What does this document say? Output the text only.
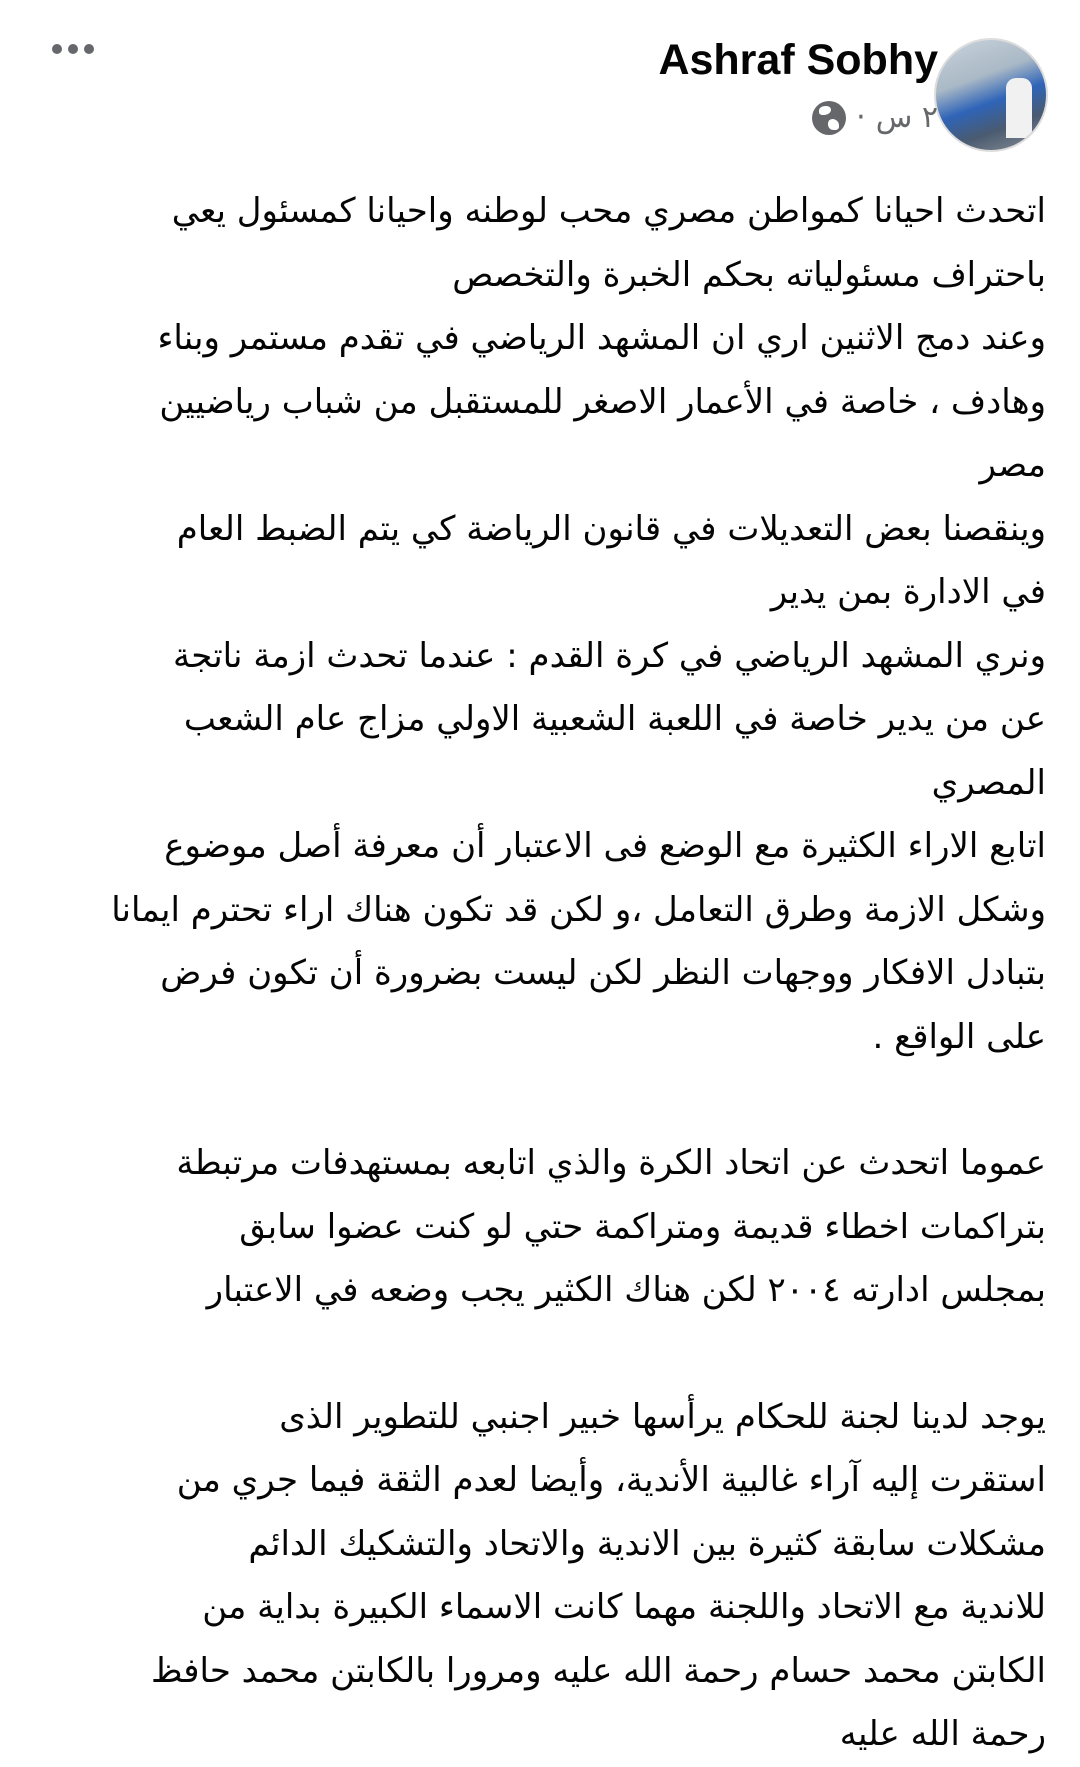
Ashraf Sobhy
٢ س
·

اتحدث احيانا كمواطن مصري محب لوطنه واحيانا كمسئول يعي

باحتراف مسئولياته بحكم الخبرة والتخصص

وعند دمج الاثنين اري ان المشهد الرياضي في تقدم مستمر وبناء

وهادف ، خاصة في الأعمار الاصغر للمستقبل من شباب رياضيين

مصر

وينقصنا بعض التعديلات في قانون الرياضة كي يتم الضبط العام

في الادارة بمن يدير

ونري المشهد الرياضي في كرة القدم : عندما تحدث ازمة ناتجة

عن من يدير خاصة في اللعبة الشعبية الاولي مزاج عام الشعب

المصري

اتابع الاراء الكثيرة مع الوضع فى الاعتبار أن معرفة أصل موضوع

وشكل الازمة وطرق التعامل ،و لكن قد تكون هناك اراء تحترم ايمانا

بتبادل الافكار ووجهات النظر لكن ليست بضرورة أن تكون فرض

على الواقع .

عموما اتحدث عن اتحاد الكرة والذي اتابعه بمستهدفات مرتبطة

بتراكمات اخطاء قديمة ومتراكمة حتي لو كنت عضوا سابق

بمجلس ادارته ٢٠٠٤ لكن هناك الكثير يجب وضعه في الاعتبار

يوجد لدينا لجنة للحكام يرأسها خبير اجنبي للتطوير الذى

استقرت إليه آراء غالبية الأندية، وأيضا لعدم الثقة فيما جري من

مشكلات سابقة كثيرة بين الاندية والاتحاد والتشكيك الدائم

للاندية مع الاتحاد واللجنة مهما كانت الاسماء الكبيرة بداية من

الكابتن محمد حسام رحمة الله عليه ومرورا بالكابتن محمد حافظ

رحمة الله عليه
